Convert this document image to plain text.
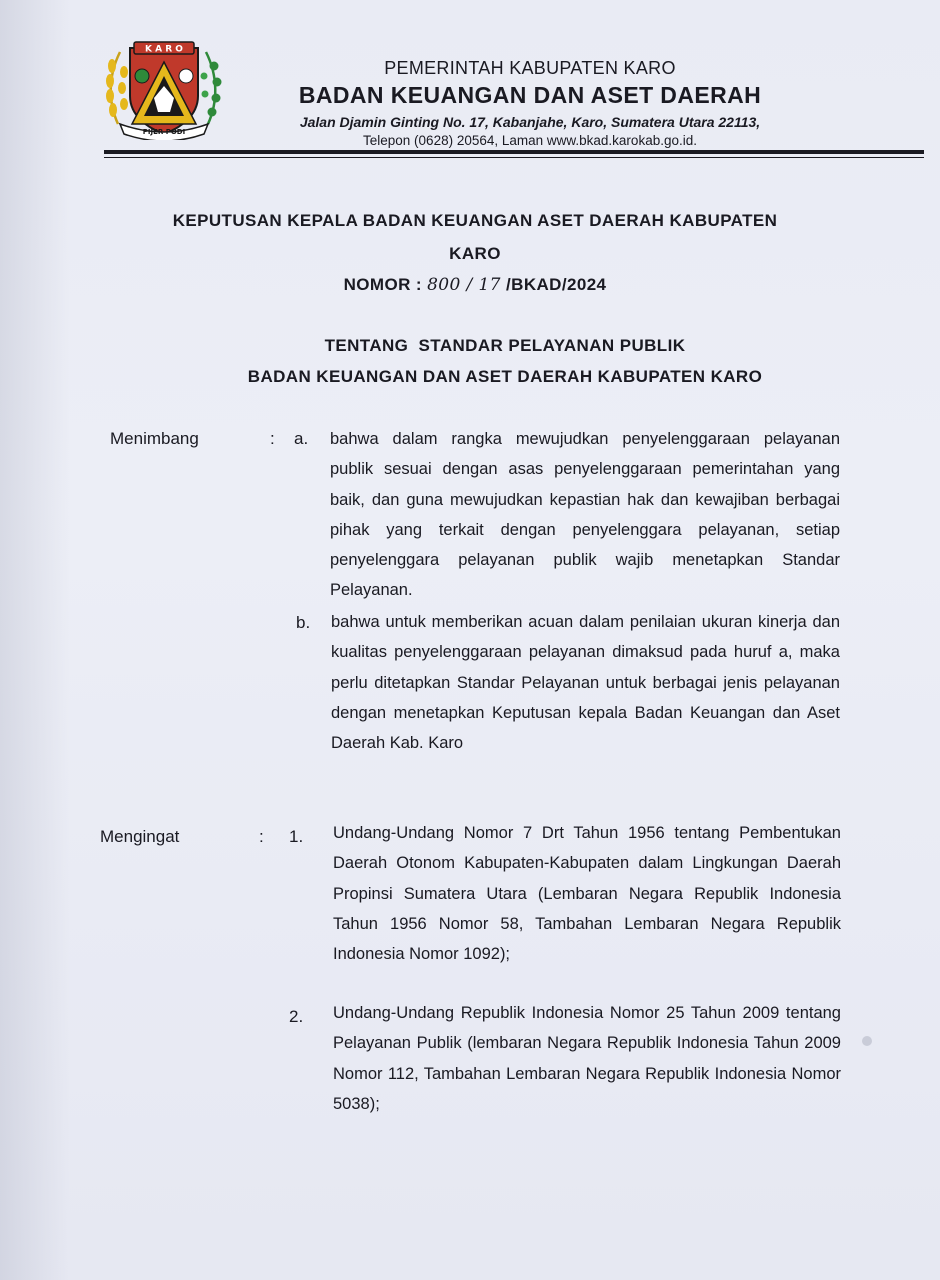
K A R O
PIJER PODI
PEMERINTAH KABUPATEN KARO
BADAN KEUANGAN DAN ASET DAERAH
Jalan Djamin Ginting No. 17, Kabanjahe, Karo, Sumatera Utara 22113,
Telepon (0628) 20564, Laman www.bkad.karokab.go.id.
KEPUTUSAN KEPALA BADAN KEUANGAN ASET DAERAH KABUPATEN
KARO
NOMOR : 800 / 17 /BKAD/2024
TENTANG  STANDAR PELAYANAN PUBLIK
BADAN KEUANGAN DAN ASET DAERAH KABUPATEN KARO
Menimbang	: a. bahwa dalam rangka mewujudkan penyelenggaraan pelayanan publik sesuai dengan asas penyelenggaraan pemerintahan yang baik, dan guna mewujudkan kepastian hak dan kewajiban berbagai pihak yang terkait dengan penyelenggara pelayanan, setiap penyelenggara pelayanan publik wajib menetapkan Standar Pelayanan.
b. bahwa untuk memberikan acuan dalam penilaian ukuran kinerja dan kualitas penyelenggaraan pelayanan dimaksud pada huruf a, maka perlu ditetapkan Standar Pelayanan untuk berbagai jenis pelayanan dengan menetapkan Keputusan kepala Badan Keuangan dan Aset Daerah Kab. Karo
Mengingat	: 1. Undang-Undang Nomor 7 Drt Tahun 1956 tentang Pembentukan Daerah Otonom Kabupaten-Kabupaten dalam Lingkungan Daerah Propinsi Sumatera Utara (Lembaran Negara Republik Indonesia Tahun 1956 Nomor 58, Tambahan Lembaran Negara Republik Indonesia Nomor 1092);
2. Undang-Undang Republik Indonesia Nomor 25 Tahun 2009 tentang Pelayanan Publik (lembaran Negara Republik Indonesia Tahun 2009 Nomor 112, Tambahan Lembaran Negara Republik Indonesia Nomor 5038);
